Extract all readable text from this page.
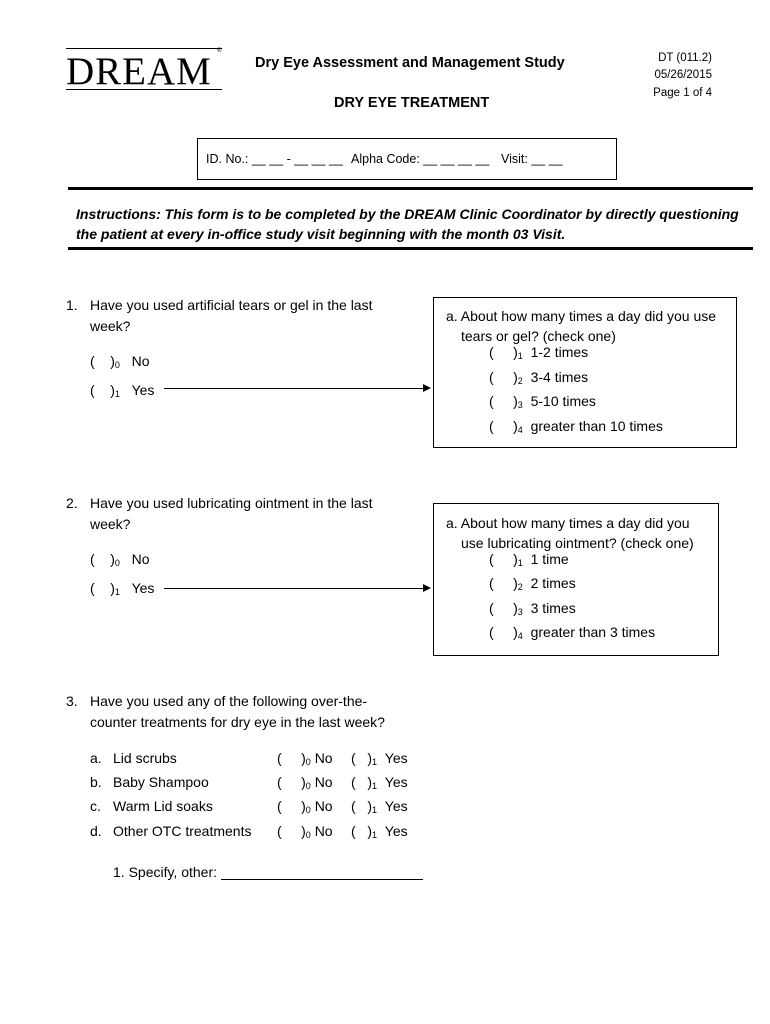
DREAM ®
Dry Eye Assessment and Management Study
DRY EYE TREATMENT
DT (011.2)
05/26/2015
Page 1 of 4
ID. No.: __ __ - __ __ __ Alpha Code: __ __ __ __ Visit: __ __
Instructions: This form is to be completed by the DREAM Clinic Coordinator by directly questioning the patient at every in-office study visit beginning with the month 03 Visit.
1. Have you used artificial tears or gel in the last
week?
(    )$_0$ No
(    )$_1$ Yes
a. About how many times a day did you use
tears or gel? (check one)
(     )$_1$ 1-2 times
(     )$_2$ 3-4 times
(     )$_3$ 5-10 times
(     )$_4$ greater than 10 times
2. Have you used lubricating ointment in the last
week?
(    )$_0$ No
(    )$_1$ Yes
a. About how many times a day did you
use lubricating ointment? (check one)
(     )$_1$ 1 time
(     )$_2$ 2 times
(     )$_3$ 3 times
(     )$_4$ greater than 3 times
3. Have you used any of the following over-the-
counter treatments for dry eye in the last week?
a. Lid scrubs	(     )$_0$ No (   )$_1$ Yes
b. Baby Shampoo	(     )$_0$ No (   )$_1$ Yes
c. Warm Lid soaks	(     )$_0$ No (   )$_1$ Yes
d. Other OTC treatments (     )$_0$ No (   )$_1$ Yes
1. Specify, other:
